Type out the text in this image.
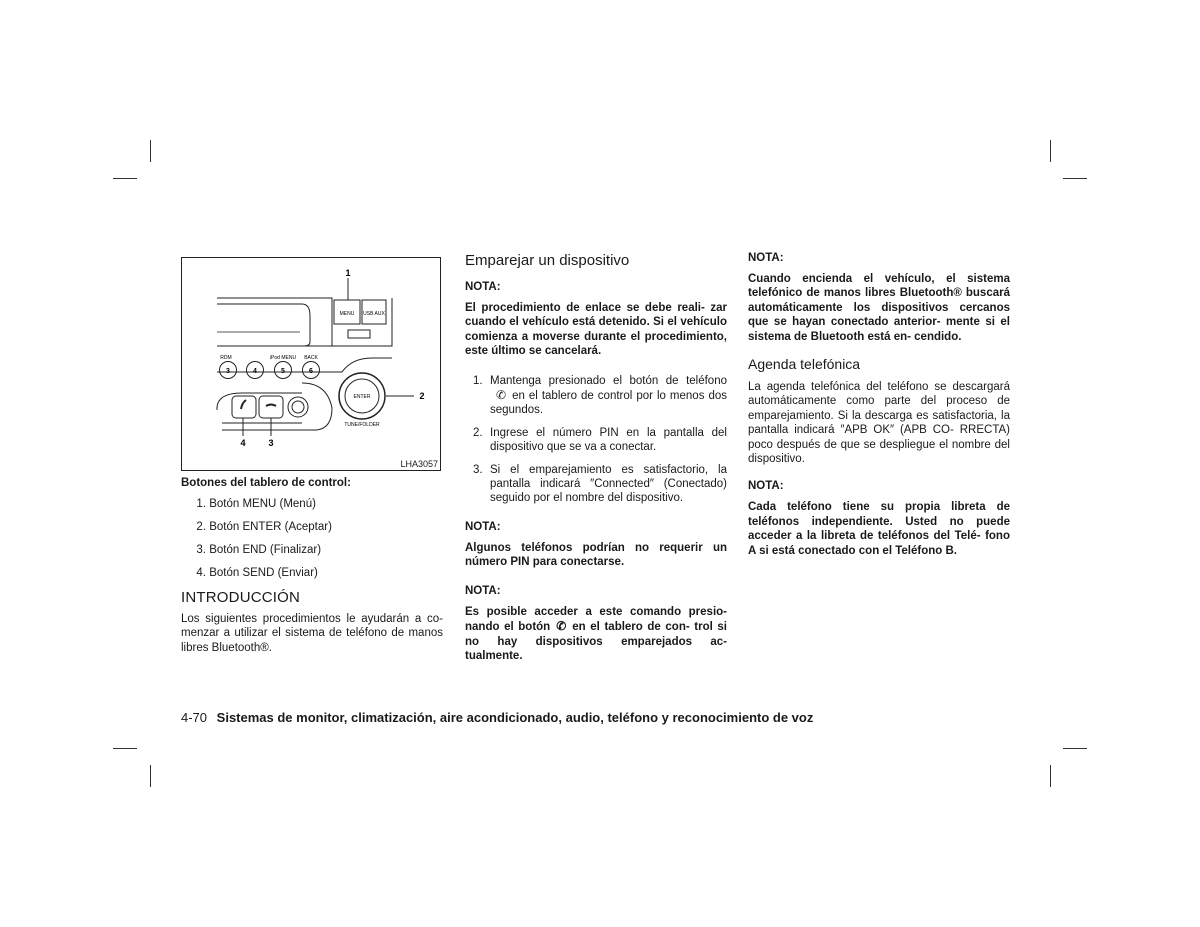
1
2
3
4
MENU USB AUX
RDM	iPod MENU BACK
ENTER
TUNE/FOLDER
3	4	5	6
LHA3057
Botones del tablero de control:
1. Botón MENU (Menú)
2. Botón ENTER (Aceptar)
3. Botón END (Finalizar)
4. Botón SEND (Enviar)
INTRODUCCIÓN

Los siguientes procedimientos le ayudarán a co- menzar a utilizar el sistema de teléfono de manos libres Bluetooth®.

Emparejar un dispositivo
NOTA:

El procedimiento de enlace se debe reali- zar cuando el vehículo está detenido. Si el vehículo comienza a moverse durante el procedimiento, este último se cancelará.

1. Mantenga presionado el botón de teléfono✆ en el tablero de control por lo menos dos segundos.
2. Ingrese el número PIN en la pantalla del dispositivo que se va a conectar.
3. Si el emparejamiento es satisfactorio, la pantalla indicará ″Connected″ (Conectado) seguido por el nombre del dispositivo.
NOTA:

Algunos teléfonos podrían no requerir un número PIN para conectarse.

NOTA:

Es posible acceder a este comando presio- nando el botón ✆ en el tablero de con- trol si no hay dispositivos emparejados ac- tualmente.

NOTA:

Cuando encienda el vehículo, el sistema telefónico de manos libres Bluetooth® buscará automáticamente los dispositivos cercanos que se hayan conectado anterior- mente si el sistema de Bluetooth está en- cendido.

Agenda telefónica

La agenda telefónica del teléfono se descargará automáticamente como parte del proceso de emparejamiento. Si la descarga es satisfactoria, la pantalla indicará ″APB OK″ (APB CO- RRECTA) poco después de que se despliegue el nombre del dispositivo.

NOTA:

Cada teléfono tiene su propia libreta de teléfonos independiente. Usted no puede acceder a la libreta de teléfonos del Telé- fono A si está conectado con el Teléfono B.

4-70 Sistemas de monitor, climatización, aire acondicionado, audio, teléfono y reconocimiento de voz
